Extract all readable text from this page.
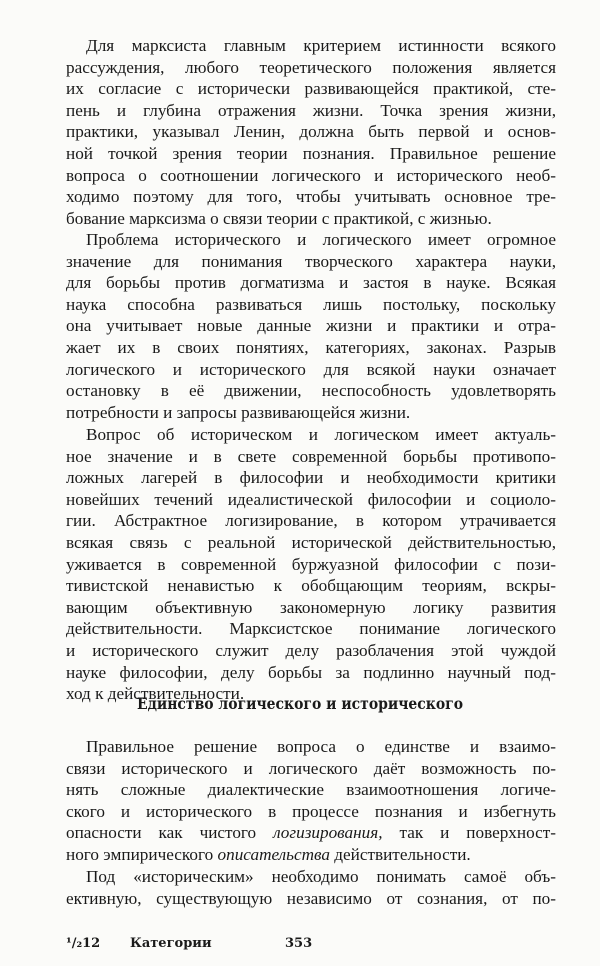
Для марксиста главным критерием истинности всякого
рассуждения, любого теоретического положения является
их согласие с исторически развивающейся практикой, сте-
пень и глубина отражения жизни. Точка зрения жизни,
практики, указывал Ленин, должна быть первой и основ-
ной точкой зрения теории познания. Правильное решение
вопроса о соотношении логического и исторического необ-
ходимо поэтому для того, чтобы учитывать основное тре-
бование марксизма о связи теории с практикой, с жизнью.
Проблема исторического и логического имеет огромное
значение для понимания творческого характера науки,
для борьбы против догматизма и застоя в науке. Всякая
наука способна развиваться лишь постольку, поскольку
она учитывает новые данные жизни и практики и отра-
жает их в своих понятиях, категориях, законах. Разрыв
логического и исторического для всякой науки означает
остановку в её движении, неспособность удовлетворять
потребности и запросы развивающейся жизни.
Вопрос об историческом и логическом имеет актуаль-
ное значение и в свете современной борьбы противопо-
ложных лагерей в философии и необходимости критики
новейших течений идеалистической философии и социоло-
гии. Абстрактное логизирование, в котором утрачивается
всякая связь с реальной исторической действительностью,
уживается в современной буржуазной философии с пози-
тивистской ненавистью к обобщающим теориям, вскры-
вающим объективную закономерную логику развития
действительности. Марксистское понимание логического
и исторического служит делу разоблачения этой чуждой
науке философии, делу борьбы за подлинно научный под-
ход к действительности.
Правильное решение вопроса о единстве и взаимо-
связи исторического и логического даёт возможность по-
нять сложные диалектические взаимоотношения логиче-
ского и исторического в процессе познания и избегнуть
опасности как чистого логизирования, так и поверхност-
ного эмпирического описательства действительности.
Под «историческим» необходимо понимать самоё объ-
ективную, существующую независимо от сознания, от по-
Единство логического и исторического
¹/₂12 Категории	353
